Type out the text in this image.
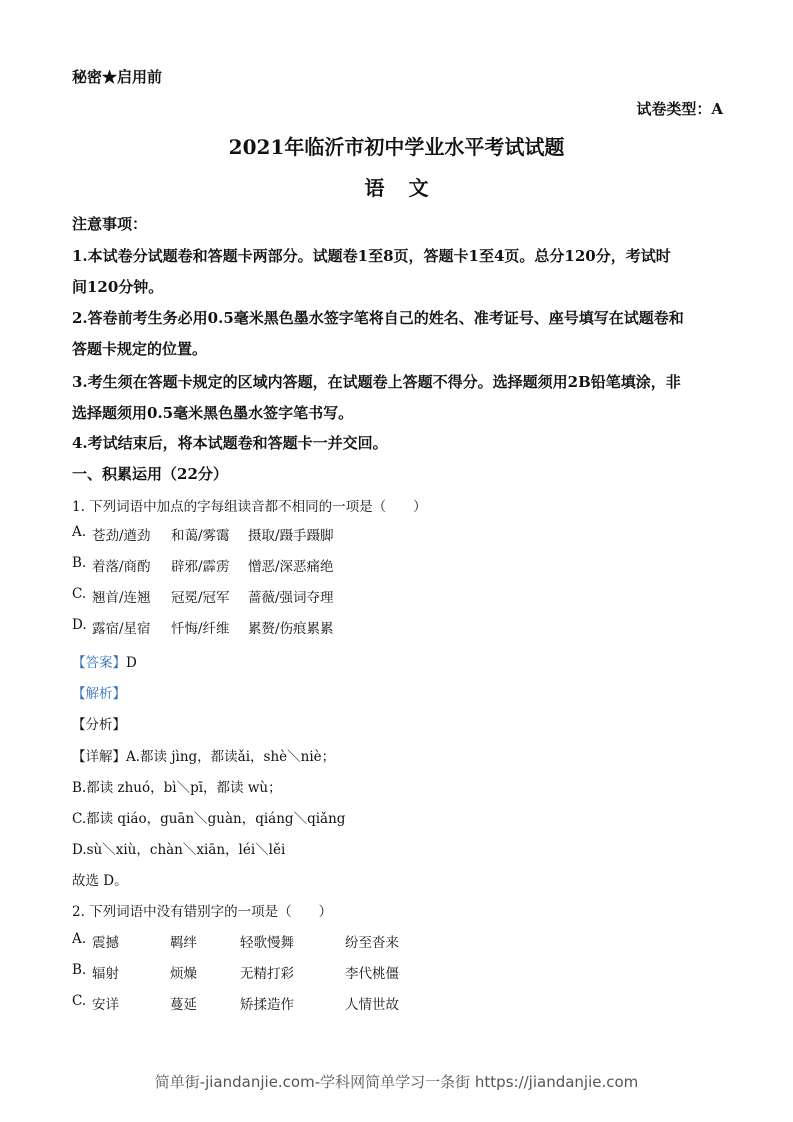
秘密★启用前
试卷类型：A
2021年临沂市初中学业水平考试试题
语文
注意事项：
1.本试卷分试题卷和答题卡两部分。试题卷1至8页，答题卡1至4页。总分120分，考试时
间120分钟。
2.答卷前考生务必用0.5毫米黑色墨水签字笔将自己的姓名、准考证号、座号填写在试题卷和
答题卡规定的位置。
3.考生须在答题卡规定的区域内答题，在试题卷上答题不得分。选择题须用2B铅笔填涂，非
选择题须用0.5毫米黑色墨水签字笔书写。
4.考试结束后，将本试题卷和答题卡一并交回。
一、积累运用（22分）
1. 下列词语中加点的字每组读音都不相同的一项是（　　）
A. 苍劲/遒劲 和蔼/雾霭 摄取/蹑手蹑脚
B. 着落/商酌 辟邪/霹雳 憎恶/深恶痛绝
C. 翘首/连翘 冠冕/冠军 蔷薇/强词夺理
D. 露宿/星宿 忏悔/纤维 累赘/伤痕累累
【答案】D
【解析】
【分析】
【详解】A.都读 jìng，都读ǎi，shè＼niè；
B.都读 zhuó，bì＼pī，都读 wù；
C.都读 qiáo，guān＼guàn，qiáng＼qiǎng
D.sù＼xiù，chàn＼xiān，léi＼lěi
故选 D。
2. 下列词语中没有错别字的一项是（　　）
A. 震撼	羁绊	轻歌慢舞	纷至沓来
B. 辐射	烦燥	无精打彩	李代桃僵
C. 安详	蔓延	矫揉造作	人情世故
简单街-jiandanjie.com-学科网简单学习一条街 https://jiandanjie.com
